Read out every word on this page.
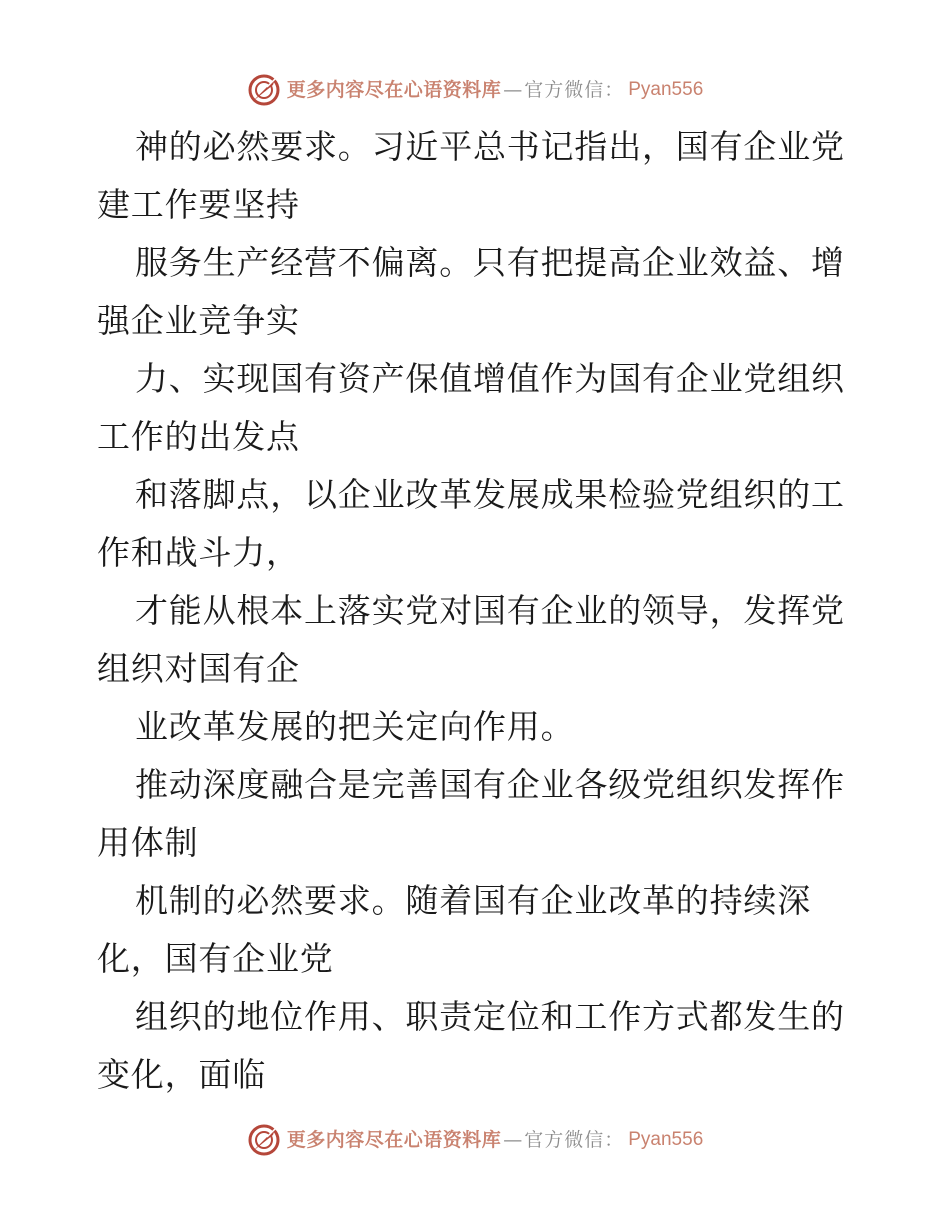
更多内容尽在心语资料库 — 官方微信： Pyan556
神的必然要求。习近平总书记指出，国有企业党
建工作要坚持
服务生产经营不偏离。只有把提高企业效益、增
强企业竞争实
力、实现国有资产保值增值作为国有企业党组织
工作的出发点
和落脚点，以企业改革发展成果检验党组织的工
作和战斗力，
才能从根本上落实党对国有企业的领导，发挥党
组织对国有企
业改革发展的把关定向作用。
推动深度融合是完善国有企业各级党组织发挥作
用体制
机制的必然要求。随着国有企业改革的持续深
化，国有企业党
组织的地位作用、职责定位和工作方式都发生的
变化，面临
更多内容尽在心语资料库 — 官方微信： Pyan556
